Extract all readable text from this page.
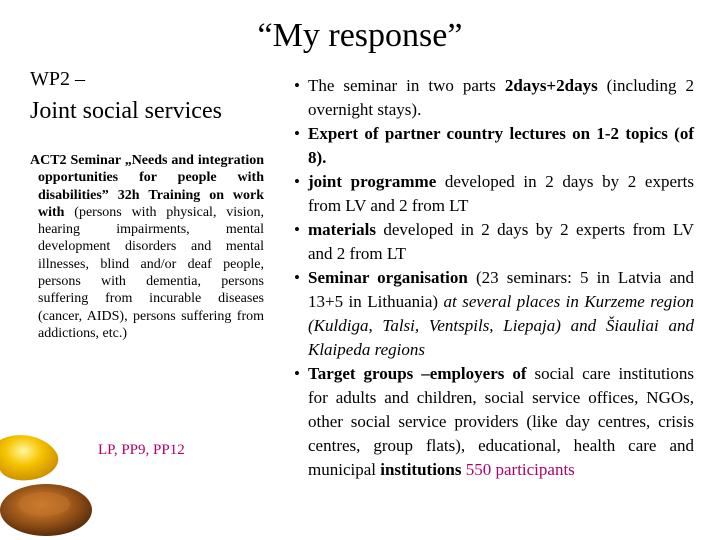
“My response”
WP2 –
Joint social services
ACT2 Seminar „Needs and integration opportunities for people with disabilities” 32h Training on work with (persons with physical, vision, hearing impairments, mental development disorders and mental illnesses, blind and/or deaf people, persons with dementia, persons suffering from incurable diseases (cancer, AIDS), persons suffering from addictions, etc.)
LP, PP9, PP12
• The seminar in two parts 2days+2days (including 2 overnight stays).
• Expert of partner country lectures on 1-2 topics (of 8).
• joint programme developed in 2 days by 2 experts from LV and 2 from LT
• materials developed in 2 days by 2 experts from LV and 2 from LT
• Seminar organisation (23 seminars: 5 in Latvia and 13+5 in Lithuania) at several places in Kurzeme region (Kuldiga, Talsi, Ventspils, Liepaja) and Šiauliai and Klaipeda regions
• Target groups –employers of social care institutions for adults and children, social service offices, NGOs, other social service providers (like day centres, crisis centres, group flats), educational, health care and municipal institutions 550 participants
